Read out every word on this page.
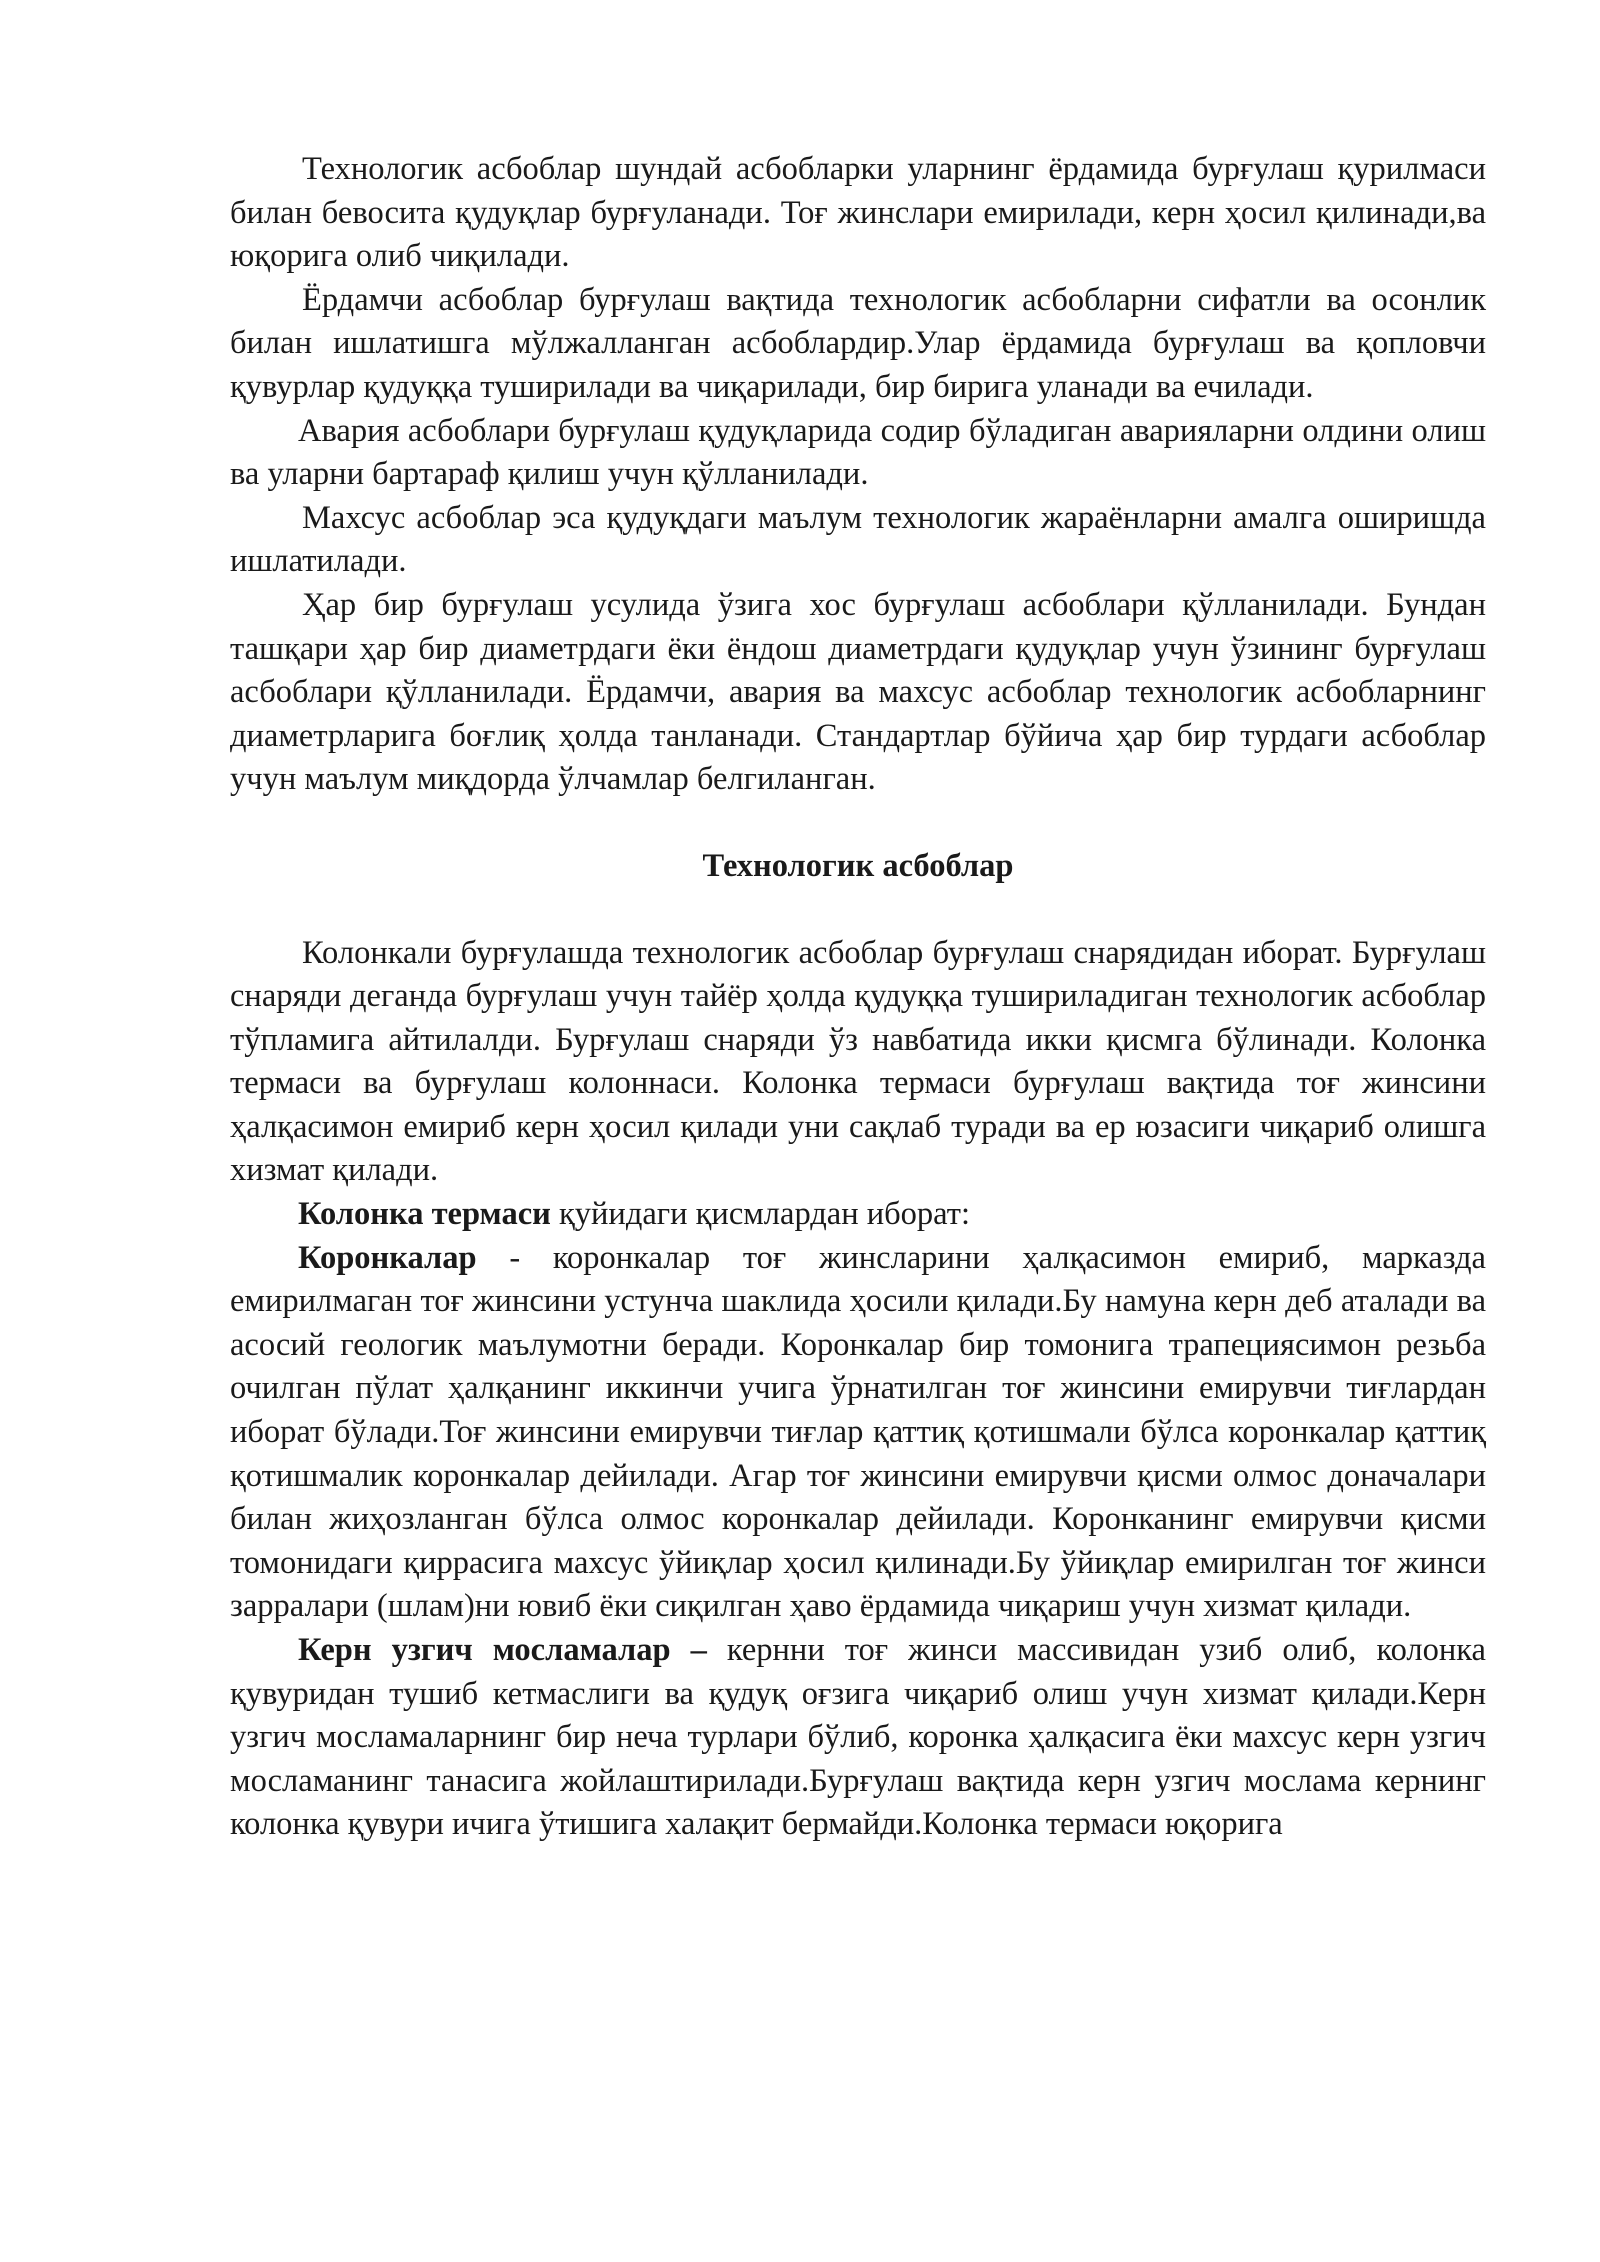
Технологик асбоблар шундай асбобларки уларнинг ёрдамида бурғулаш қурилмаси билан бевосита қудуқлар бурғуланади. Тоғ жинслари емирилади, керн ҳосил қилинади,ва юқорига олиб чиқилади.

Ёрдамчи асбоблар бурғулаш вақтида технологик асбобларни сифатли ва осонлик билан ишлатишга мўлжалланган асбоблардир.Улар ёрдамида бурғулаш ва қопловчи қувурлар қудуққа туширилади ва чиқарилади, бир бирига уланади ва ечилади.

Авария асбоблари бурғулаш қудуқларида содир бўладиган аварияларни олдини олиш ва уларни бартараф қилиш учун қўлланилади.

Махсус асбоблар эса қудуқдаги маълум технологик жараёнларни амалга оширишда ишлатилади.

Ҳар бир бурғулаш усулида ўзига хос бурғулаш асбоблари қўлланилади. Бундан ташқари ҳар бир диаметрдаги ёки ёндош диаметрдаги қудуқлар учун ўзининг бурғулаш асбоблари қўлланилади. Ёрдамчи, авария ва махсус асбоблар технологик асбобларнинг диаметрларига боғлиқ ҳолда танланади. Стандартлар бўйича ҳар бир турдаги асбоблар учун маълум миқдорда ўлчамлар белгиланган.

Технологик асбоблар

Колонкали бурғулашда технологик асбоблар бурғулаш снарядидан иборат. Бурғулаш снаряди деганда бурғулаш учун тайёр ҳолда қудуққа тушириладиган технологик асбоблар тўпламига айтилалди. Бурғулаш снаряди ўз навбатида икки қисмга бўлинади. Колонка термаси ва бурғулаш колоннаси. Колонка термаси бурғулаш вақтида тоғ жинсини ҳалқасимон емириб керн ҳосил қилади уни сақлаб туради ва ер юзасиги чиқариб олишга хизмат қилади.

Колонка термаси қуйидаги қисмлардан иборат:

Коронкалар - коронкалар тоғ жинсларини ҳалқасимон емириб, марказда емирилмаган тоғ жинсини устунча шаклида ҳосили қилади.Бу намуна керн деб аталади ва асосий геологик маълумотни беради. Коронкалар бир томонига трапециясимон резьба очилган пўлат ҳалқанинг иккинчи учига ўрнатилган тоғ жинсини емирувчи тиғлардан иборат бўлади.Тоғ жинсини емирувчи тиғлар қаттиқ қотишмали бўлса коронкалар қаттиқ қотишмалик коронкалар дейилади. Агар тоғ жинсини емирувчи қисми олмос доначалари билан жиҳозланган бўлса олмос коронкалар дейилади. Коронканинг емирувчи қисми томонидаги қиррасига махсус ўйиқлар ҳосил қилинади.Бу ўйиқлар емирилган тоғ жинси зарралари (шлам)ни ювиб ёки сиқилган ҳаво ёрдамида чиқариш учун хизмат қилади.

Керн узгич мосламалар – кернни тоғ жинси массивидан узиб олиб, колонка қувуридан тушиб кетмаслиги ва қудуқ оғзига чиқариб олиш учун хизмат қилади.Керн узгич мосламаларнинг бир неча турлари бўлиб, коронка ҳалқасига ёки махсус керн узгич мосламанинг танасига жойлаштирилади.Бурғулаш вақтида керн узгич мослама кернинг колонка қувури ичига ўтишига халақит бермайди.Колонка термаси юқорига
